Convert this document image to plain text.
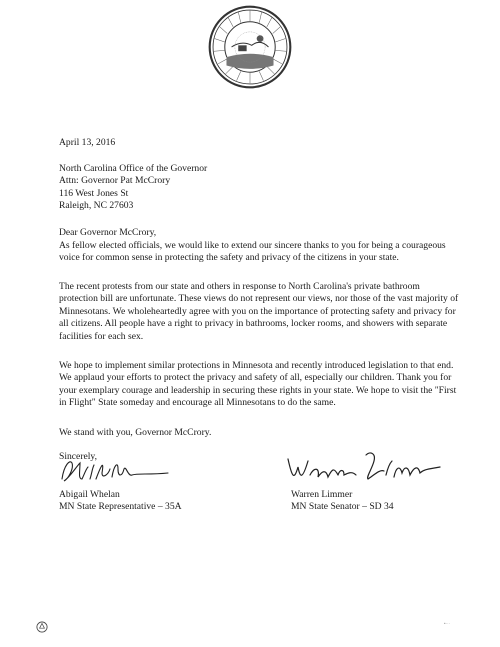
April 13, 2016

North Carolina Office of the Governor
Attn: Governor Pat McCrory
116 West Jones St
Raleigh, NC 27603

Dear Governor McCrory,

As fellow elected officials, we would like to extend our sincere thanks to you for being a courageous voice for common sense in protecting the safety and privacy of the citizens in your state.

The recent protests from our state and others in response to North Carolina's private bathroom protection bill are unfortunate. These views do not represent our views, nor those of the vast majority of Minnesotans. We wholeheartedly agree with you on the importance of protecting safety and privacy for all citizens. All people have a right to privacy in bathrooms, locker rooms, and showers with separate facilities for each sex.

We hope to implement similar protections in Minnesota and recently introduced legislation to that end. We applaud your efforts to protect the privacy and safety of all, especially our children. Thank you for your exemplary courage and leadership in securing these rights in your state. We hope to visit the "First in Flight" State someday and encourage all Minnesotans to do the same.

We stand with you, Governor McCrory.

Sincerely,

Abigail Whelan
MN State Representative – 35A
Warren Limmer
MN State Senator – SD 34
•···
